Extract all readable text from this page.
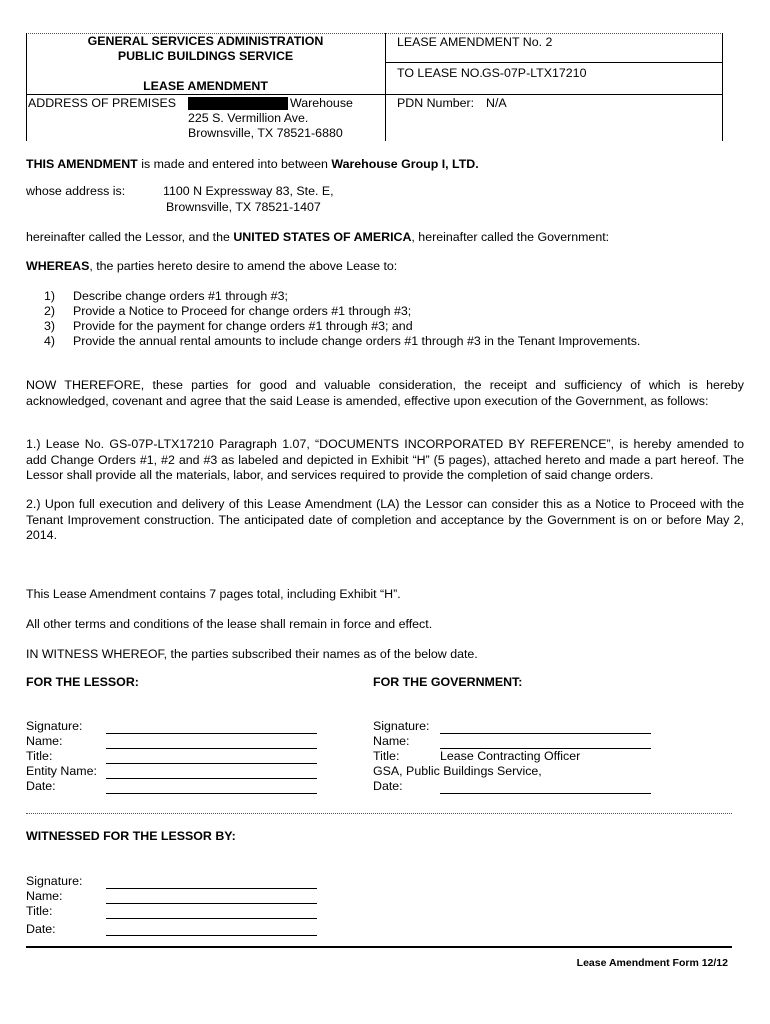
GENERAL SERVICES ADMINISTRATION
PUBLIC BUILDINGS SERVICE
LEASE AMENDMENT
LEASE AMENDMENT No. 2
TO LEASE NO. GS-07P-LTX17210
ADDRESS OF PREMISES	Warehouse
225 S. Vermillion Ave.
Brownsville, TX 78521-6880
PDN Number: N/A
THIS AMENDMENT is made and entered into between Warehouse Group I, LTD.
whose address is:	1100 N Expressway 83, Ste. E,
Brownsville, TX 78521-1407
hereinafter called the Lessor, and the UNITED STATES OF AMERICA, hereinafter called the Government:
WHEREAS, the parties hereto desire to amend the above Lease to:
1) Describe change orders #1 through #3;
2) Provide a Notice to Proceed for change orders #1 through #3;
3) Provide for the payment for change orders #1 through #3; and
4) Provide the annual rental amounts to include change orders #1 through #3 in the Tenant Improvements.
NOW THEREFORE, these parties for good and valuable consideration, the receipt and sufficiency of which is hereby acknowledged, covenant and agree that the said Lease is amended, effective upon execution of the Government, as follows:
1.) Lease No. GS-07P-LTX17210 Paragraph 1.07, “DOCUMENTS INCORPORATED BY REFERENCE”, is hereby amended to add Change Orders #1, #2 and #3 as labeled and depicted in Exhibit “H” (5 pages), attached hereto and made a part hereof. The Lessor shall provide all the materials, labor, and services required to provide the completion of said change orders.
2.) Upon full execution and delivery of this Lease Amendment (LA) the Lessor can consider this as a Notice to Proceed with the Tenant Improvement construction. The anticipated date of completion and acceptance by the Government is on or before May 2, 2014.
This Lease Amendment contains 7 pages total, including Exhibit “H”.
All other terms and conditions of the lease shall remain in force and effect.
IN WITNESS WHEREOF, the parties subscribed their names as of the below date.
FOR THE LESSOR:
Signature:
Name:
Title:
Entity Name:
Date:
FOR THE GOVERNMENT:
Signature:
Name:
Title:	Lease Contracting Officer
GSA, Public Buildings Service,
Date:
WITNESSED FOR THE LESSOR BY:
Signature:
Name:
Title:
Date:
Lease Amendment Form 12/12
